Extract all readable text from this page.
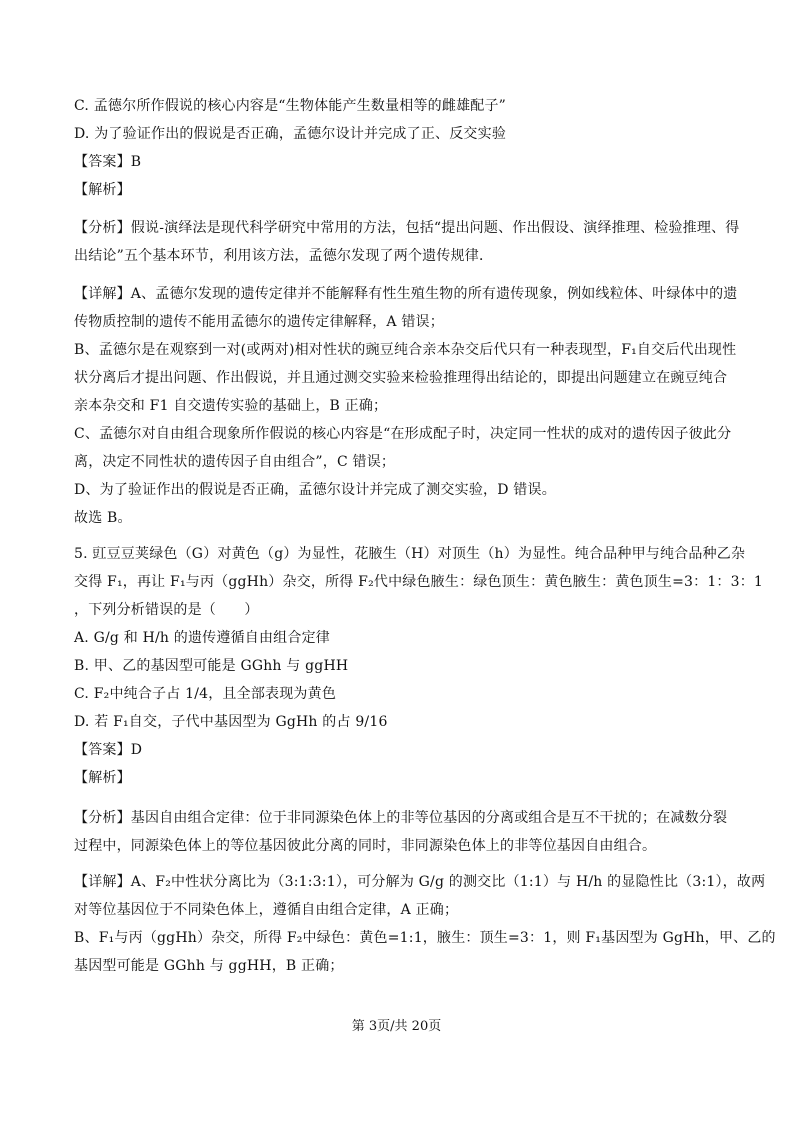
C. 孟德尔所作假说的核心内容是“生物体能产生数量相等的雌雄配子”
D. 为了验证作出的假说是否正确，孟德尔设计并完成了正、反交实验
【答案】B
【解析】
【分析】假说-演绎法是现代科学研究中常用的方法，包括“提出问题、作出假设、演绎推理、检验推理、得
出结论”五个基本环节，利用该方法，孟德尔发现了两个遗传规律．
【详解】A、孟德尔发现的遗传定律并不能解释有性生殖生物的所有遗传现象，例如线粒体、叶绿体中的遗
传物质控制的遗传不能用孟德尔的遗传定律解释，A 错误；
B、孟德尔是在观察到一对(或两对)相对性状的豌豆纯合亲本杂交后代只有一种表现型，F₁自交后代出现性
状分离后才提出问题、作出假说，并且通过测交实验来检验推理得出结论的，即提出问题建立在豌豆纯合
亲本杂交和 F1 自交遗传实验的基础上，B 正确；
C、孟德尔对自由组合现象所作假说的核心内容是“在形成配子时，决定同一性状的成对的遗传因子彼此分
离，决定不同性状的遗传因子自由组合”，C 错误；
D、为了验证作出的假说是否正确，孟德尔设计并完成了测交实验，D 错误。
故选 B。
5. 豇豆豆荚绿色（G）对黄色（g）为显性，花腋生（H）对顶生（h）为显性。纯合品种甲与纯合品种乙杂
交得 F₁，再让 F₁与丙（ggHh）杂交，所得 F₂代中绿色腋生：绿色顶生：黄色腋生：黄色顶生=3：1：3：1
，下列分析错误的是（　　）
A. G/g 和 H/h 的遗传遵循自由组合定律
B. 甲、乙的基因型可能是 GGhh 与 ggHH
C. F₂中纯合子占 1/4，且全部表现为黄色
D. 若 F₁自交，子代中基因型为 GgHh 的占 9/16
【答案】D
【解析】
【分析】基因自由组合定律：位于非同源染色体上的非等位基因的分离或组合是互不干扰的；在减数分裂
过程中，同源染色体上的等位基因彼此分离的同时，非同源染色体上的非等位基因自由组合。
【详解】A、F₂中性状分离比为（3:1:3:1），可分解为 G/g 的测交比（1:1）与 H/h 的显隐性比（3:1），故两
对等位基因位于不同染色体上，遵循自由组合定律，A 正确；
B、F₁与丙（ggHh）杂交，所得 F₂中绿色：黄色=1:1，腋生：顶生=3：1，则 F₁基因型为 GgHh，甲、乙的
基因型可能是 GGhh 与 ggHH，B 正确；
第 3页/共 20页
